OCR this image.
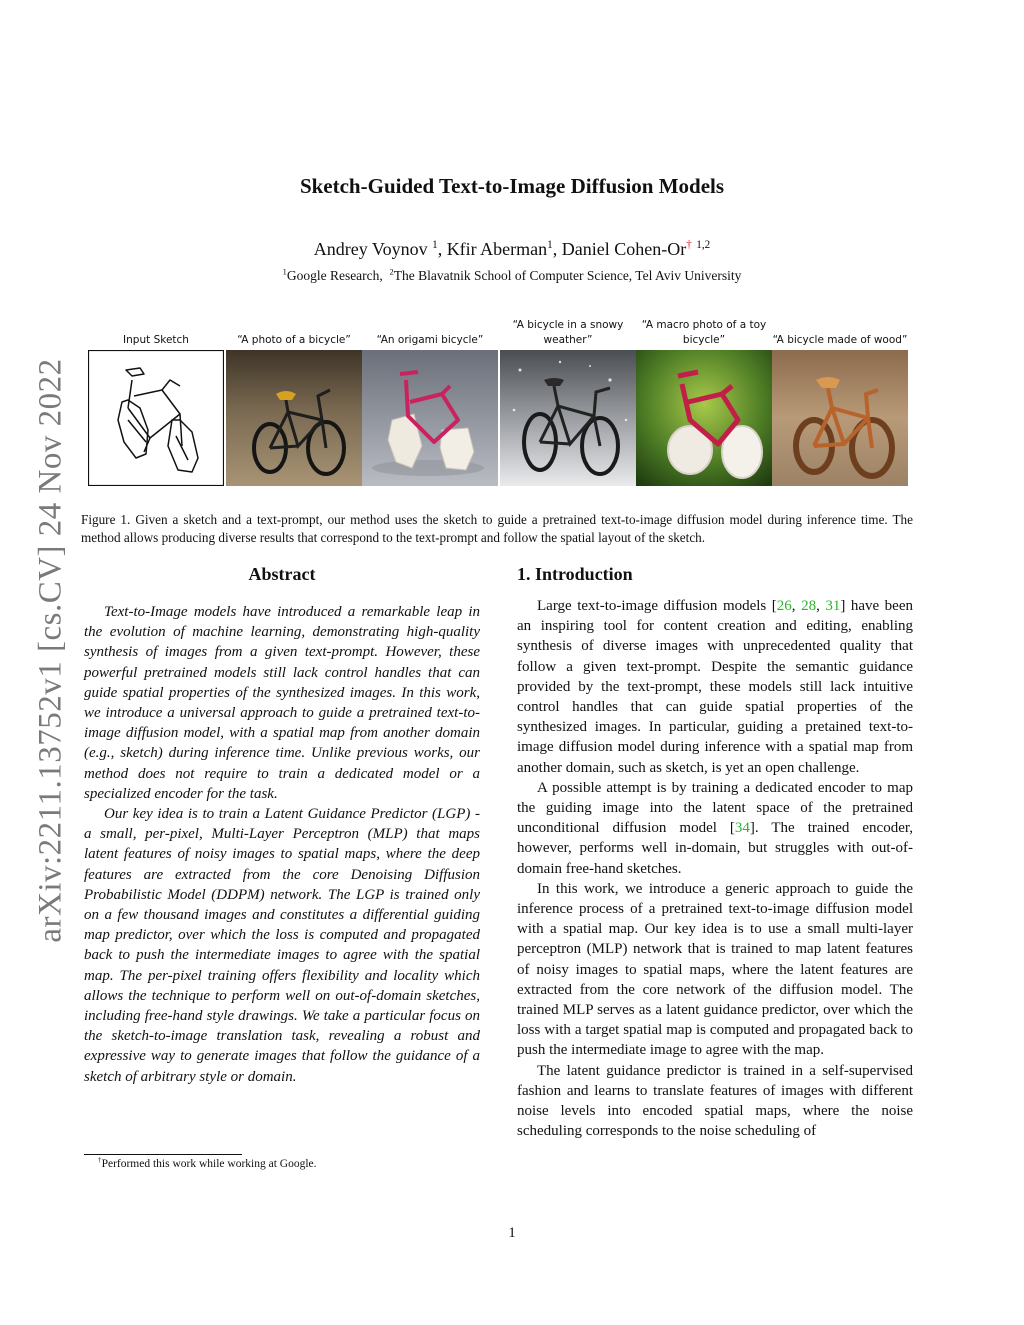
arXiv:2211.13752v1 [cs.CV] 24 Nov 2022
Sketch-Guided Text-to-Image Diffusion Models
Andrey Voynov $^1$, Kfir Aberman$^1$, Daniel Cohen-Or† $^{1,2}$
$^1$Google Research, $^2$The Blavatnik School of Computer Science, Tel Aviv University
Input Sketch	“A photo of a bicycle”	“An origami bicycle”
“A bicycle in a snowy weather”
“A macro photo of a toy bicycle”	“A bicycle made of wood”
Figure 1. Given a sketch and a text-prompt, our method uses the sketch to guide a pretrained text-to-image diffusion model during inference time. The method allows producing diverse results that correspond to the text-prompt and follow the spatial layout of the sketch.
Abstract

Text-to-Image models have introduced a remarkable leap in the evolution of machine learning, demonstrating high-quality synthesis of images from a given text-prompt. However, these powerful pretrained models still lack control handles that can guide spatial properties of the synthesized images. In this work, we introduce a universal approach to guide a pretrained text-to-image diffusion model, with a spatial map from another domain (e.g., sketch) during inference time. Unlike previous works, our method does not require to train a dedicated model or a specialized encoder for the task.

Our key idea is to train a Latent Guidance Predictor (LGP) - a small, per-pixel, Multi-Layer Perceptron (MLP) that maps latent features of noisy images to spatial maps, where the deep features are extracted from the core Denoising Diffusion Probabilistic Model (DDPM) network. The LGP is trained only on a few thousand images and constitutes a differential guiding map predictor, over which the loss is computed and propagated back to push the intermediate images to agree with the spatial map. The per-pixel training offers flexibility and locality which allows the technique to perform well on out-of-domain sketches, including free-hand style drawings. We take a particular focus on the sketch-to-image translation task, revealing a robust and expressive way to generate images that follow the guidance of a sketch of arbitrary style or domain.

1. Introduction

Large text-to-image diffusion models [26, 28, 31] have been an inspiring tool for content creation and editing, enabling synthesis of diverse images with unprecedented quality that follow a given text-prompt. Despite the semantic guidance provided by the text-prompt, these models still lack intuitive control handles that can guide spatial properties of the synthesized images. In particular, guiding a pretained text-to-image diffusion model during inference with a spatial map from another domain, such as sketch, is yet an open challenge.

A possible attempt is by training a dedicated encoder to map the guiding image into the latent space of the pretrained unconditional diffusion model [34]. The trained encoder, however, performs well in-domain, but struggles with out-of-domain free-hand sketches.

In this work, we introduce a generic approach to guide the inference process of a pretrained text-to-image diffusion model with a spatial map. Our key idea is to use a small multi-layer perceptron (MLP) network that is trained to map latent features of noisy images to spatial maps, where the latent features are extracted from the core network of the diffusion model. The trained MLP serves as a latent guidance predictor, over which the loss with a target spatial map is computed and propagated back to push the intermediate image to agree with the map.

The latent guidance predictor is trained in a self-supervised fashion and learns to translate features of images with different noise levels into encoded spatial maps, where the noise scheduling corresponds to the noise scheduling of

†Performed this work while working at Google.
1
